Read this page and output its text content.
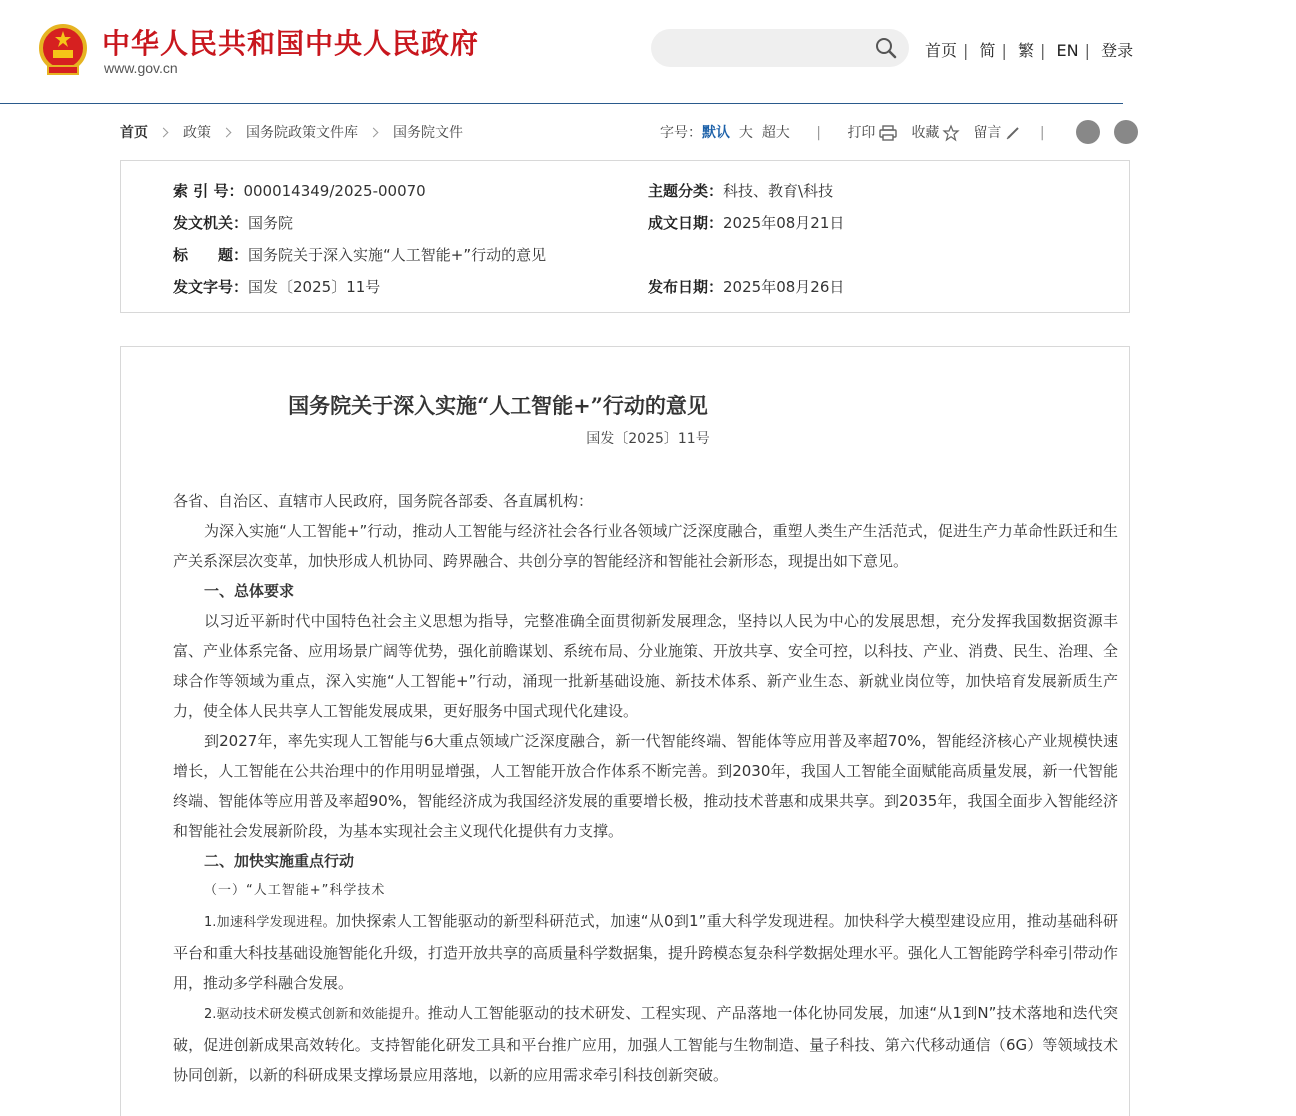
中华人民共和国中央人民政府
www.gov.cn
首页 | 简 | 繁 | EN | 登录
首页	政策	国务院政策文件库	国务院文件	字号：默认 大 超大 | 打印	收藏 留言	|
索 引 号：000014349/2025-00070	主题分类：科技、教育\科技
发文机关：国务院	成文日期：2025年08月21日
标　　题：国务院关于深入实施“人工智能+”行动的意见
发文字号：国发〔2025〕11号	发布日期：2025年08月26日
国务院关于深入实施“人工智能+”行动的意见
国发〔2025〕11号

各省、自治区、直辖市人民政府，国务院各部委、各直属机构：

为深入实施“人工智能+”行动，推动人工智能与经济社会各行业各领域广泛深度融合，重塑人类生产生活范式，促进生产力革命性跃迁和生产关系深层次变革，加快形成人机协同、跨界融合、共创分享的智能经济和智能社会新形态，现提出如下意见。

一、总体要求

以习近平新时代中国特色社会主义思想为指导，完整准确全面贯彻新发展理念，坚持以人民为中心的发展思想，充分发挥我国数据资源丰富、产业体系完备、应用场景广阔等优势，强化前瞻谋划、系统布局、分业施策、开放共享、安全可控，以科技、产业、消费、民生、治理、全球合作等领域为重点，深入实施“人工智能+”行动，涌现一批新基础设施、新技术体系、新产业生态、新就业岗位等，加快培育发展新质生产力，使全体人民共享人工智能发展成果，更好服务中国式现代化建设。

到2027年，率先实现人工智能与6大重点领域广泛深度融合，新一代智能终端、智能体等应用普及率超70%，智能经济核心产业规模快速增长，人工智能在公共治理中的作用明显增强，人工智能开放合作体系不断完善。到2030年，我国人工智能全面赋能高质量发展，新一代智能终端、智能体等应用普及率超90%，智能经济成为我国经济发展的重要增长极，推动技术普惠和成果共享。到2035年，我国全面步入智能经济和智能社会发展新阶段，为基本实现社会主义现代化提供有力支撑。

二、加快实施重点行动

（一）“人工智能+”科学技术

1.加速科学发现进程。加快探索人工智能驱动的新型科研范式，加速“从0到1”重大科学发现进程。加快科学大模型建设应用，推动基础科研平台和重大科技基础设施智能化升级，打造开放共享的高质量科学数据集，提升跨模态复杂科学数据处理水平。强化人工智能跨学科牵引带动作用，推动多学科融合发展。

2.驱动技术研发模式创新和效能提升。推动人工智能驱动的技术研发、工程实现、产品落地一体化协同发展，加速“从1到N”技术落地和迭代突破，促进创新成果高效转化。支持智能化研发工具和平台推广应用，加强人工智能与生物制造、量子科技、第六代移动通信（6G）等领域技术协同创新，以新的科研成果支撑场景应用落地，以新的应用需求牵引科技创新突破。
